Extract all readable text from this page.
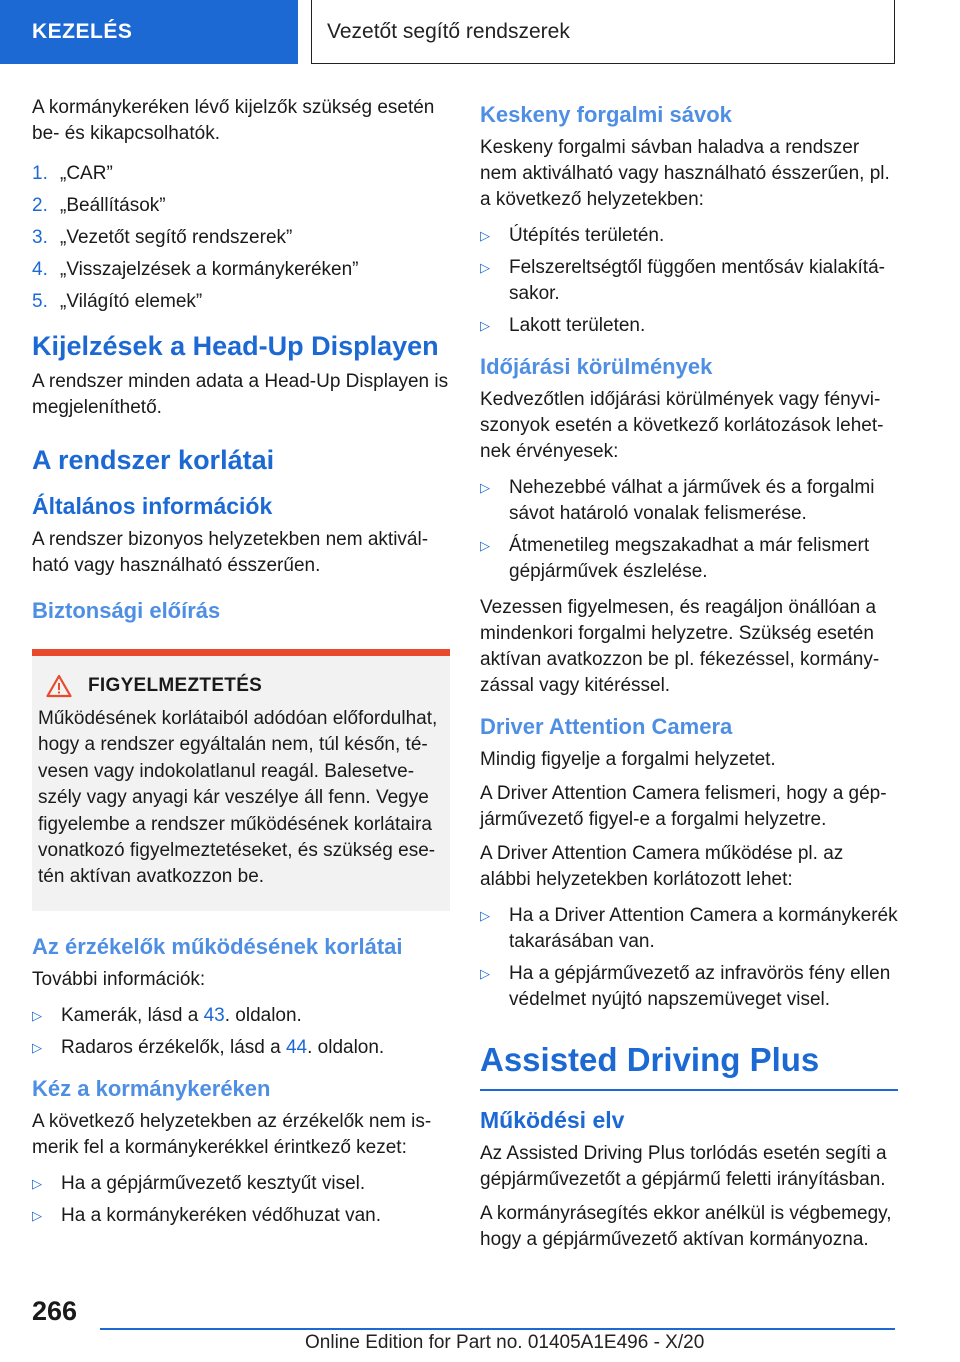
KEZELÉS	Vezetőt segítő rendszerek

A kormánykeréken lévő kijelzők szükség esetén be- és kikapcsolhatók.

1. „CAR”
2. „Beállítások”
3. „Vezetőt segítő rendszerek”
4. „Visszajelzések a kormánykeréken”
5. „Világító elemek”
Kijelzések a Head-Up Displayen

A rendszer minden adata a Head-Up Displayen is megjeleníthető.

A rendszer korlátai
Általános információk

A rendszer bizonyos helyzetekben nem aktiválható vagy használható ésszerűen.

Biztonsági előírás
FIGYELMEZTETÉS

Működésének korlátaiból adódóan előfordulhat, hogy a rendszer egyáltalán nem, túl későn, tévesen vagy indokolatlanul reagál. Balesetveszély vagy anyagi kár veszélye áll fenn. Vegye figyelembe a rendszer működésének korlátaira vonatkozó figyelmeztetéseket, és szükség esetén aktívan avatkozzon be.

Az érzékelők működésének korlátai

További információk:

▷	Kamerák, lásd a 43. oldalon.
▷	Radaros érzékelők, lásd a 44. oldalon.
Kéz a kormánykeréken

A következő helyzetekben az érzékelők nem ismerik fel a kormánykerékkel érintkező kezet:

▷	Ha a gépjárművezető kesztyűt visel.
▷	Ha a kormánykeréken védőhuzat van.
Keskeny forgalmi sávok

Keskeny forgalmi sávban haladva a rendszer nem aktiválható vagy használható ésszerűen, pl. a következő helyzetekben:

▷	Útépítés területén.
▷	Felszereltségtől függően mentősáv kialakításakor.
▷	Lakott területen.
Időjárási körülmények

Kedvezőtlen időjárási körülmények vagy fényviszonyok esetén a következő korlátozások lehetnek érvényesek:

▷	Nehezebbé válhat a járművek és a forgalmi sávot határoló vonalak felismerése.
▷	Átmenetileg megszakadhat a már felismert gépjárművek észlelése.

Vezessen figyelmesen, és reagáljon önállóan a mindenkori forgalmi helyzetre. Szükség esetén aktívan avatkozzon be pl. fékezéssel, kormányzással vagy kitéréssel.

Driver Attention Camera

Mindig figyelje a forgalmi helyzetet.

A Driver Attention Camera felismeri, hogy a gépjárművezető figyel-e a forgalmi helyzetre.

A Driver Attention Camera működése pl. az alábbi helyzetekben korlátozott lehet:

▷	Ha a Driver Attention Camera a kormánykerék takarásában van.
▷	Ha a gépjárművezető az infravörös fény ellen védelmet nyújtó napszemüveget visel.
Assisted Driving Plus
Működési elv

Az Assisted Driving Plus torlódás esetén segíti a gépjárművezetőt a gépjármű feletti irányításban.

A kormányrásegítés ekkor anélkül is végbemegy, hogy a gépjárművezető aktívan kormányozna.

266
Online Edition for Part no. 01405A1E496 - X/20
